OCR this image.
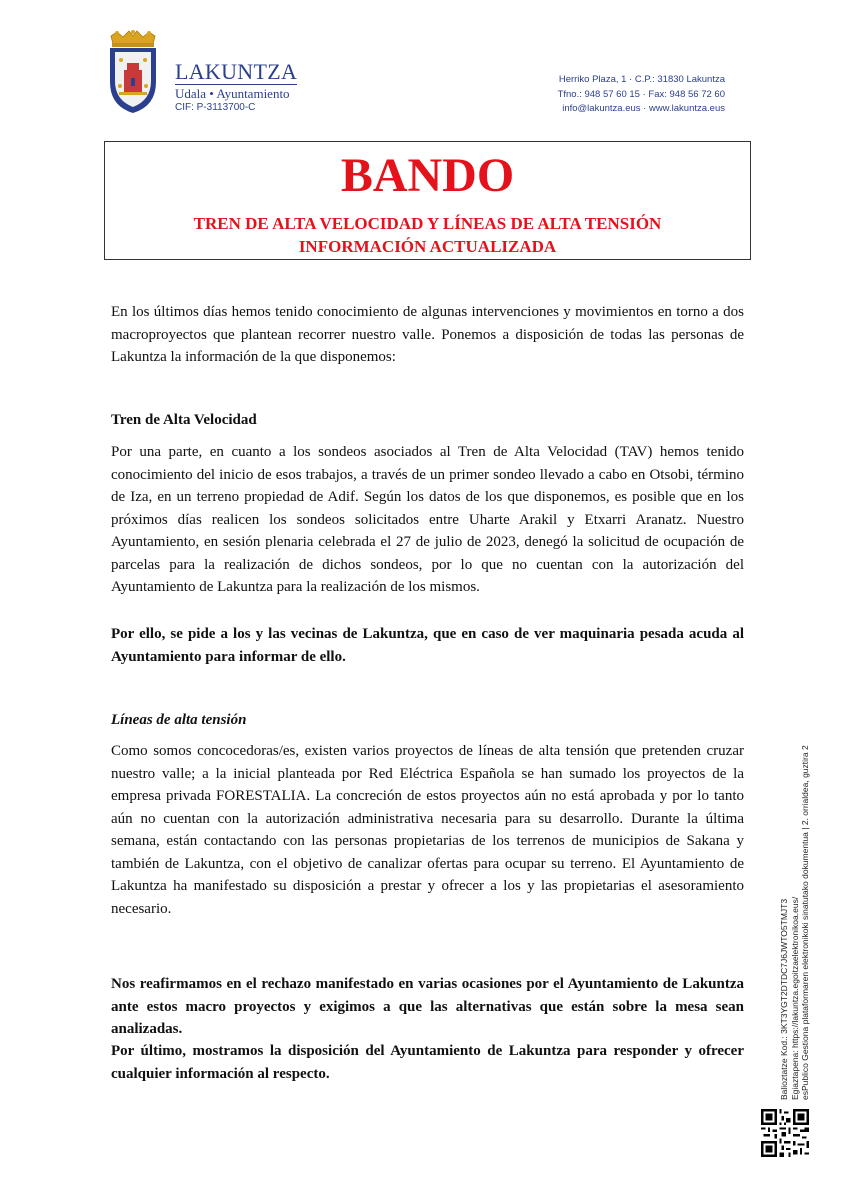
LAKUNTZA
Udala • Ayuntamiento
CIF: P-3113700-C
Herriko Plaza, 1 · C.P.: 31830 Lakuntza
Tfno.: 948 57 60 15 · Fax: 948 56 72 60
info@lakuntza.eus · www.lakuntza.eus
BANDO
TREN DE ALTA VELOCIDAD Y LÍNEAS DE ALTA TENSIÓN
INFORMACIÓN ACTUALIZADA

En los últimos días hemos tenido conocimiento de algunas intervenciones y movimientos en torno a dos macroproyectos que plantean recorrer nuestro valle. Ponemos a disposición de todas las personas de Lakuntza la información de la que disponemos:

Tren de Alta Velocidad

Por una parte, en cuanto a los sondeos asociados al Tren de Alta Velocidad (TAV) hemos tenido conocimiento del inicio de esos trabajos, a través de un primer sondeo llevado a cabo en Otsobi, término de Iza, en un terreno propiedad de Adif. Según los datos de los que disponemos, es posible que en los próximos días realicen los sondeos solicitados entre Uharte Arakil y Etxarri Aranatz. Nuestro Ayuntamiento, en sesión plenaria celebrada el 27 de julio de 2023, denegó la solicitud de ocupación de parcelas para la realización de dichos sondeos, por lo que no cuentan con la autorización del Ayuntamiento de Lakuntza para la realización de los mismos.

Por ello, se pide a los y las vecinas de Lakuntza, que en caso de ver maquinaria pesada acuda al Ayuntamiento para informar de ello.

Líneas de alta tensión

Como somos concocedoras/es, existen varios proyectos de líneas de alta tensión que pretenden cruzar nuestro valle; a la inicial planteada por Red Eléctrica Española se han sumado los proyectos de la empresa privada FORESTALIA. La concreción de estos proyectos aún no está aprobada y por lo tanto aún no cuentan con la autorización administrativa necesaria para su desarrollo. Durante la última semana, están contactando con las personas propietarias de los terrenos de municipios de Sakana y también de Lakuntza, con el objetivo de canalizar ofertas para ocupar su terreno. El Ayuntamiento de Lakuntza ha manifestado su disposición a prestar y ofrecer a los y las propietarias el asesoramiento necesario.

Nos reafirmamos en el rechazo manifestado en varias ocasiones por el Ayuntamiento de Lakuntza ante estos macro proyectos y exigimos a que las alternativas que están sobre la mesa sean analizadas.

Por último, mostramos la disposición del Ayuntamiento de Lakuntza para responder y ofrecer cualquier información al respecto.	Balioztatze Kod.: 3KT3YGT2DTDC7J6JWTO5TMJT3 Egiaztapena: https://lakuntza.egoitzaelektronikoa.eus/ esPublico Gestiona plataformaren elektronikoki sinatutako dokumentua | 2. orrialdea, guztira 2
